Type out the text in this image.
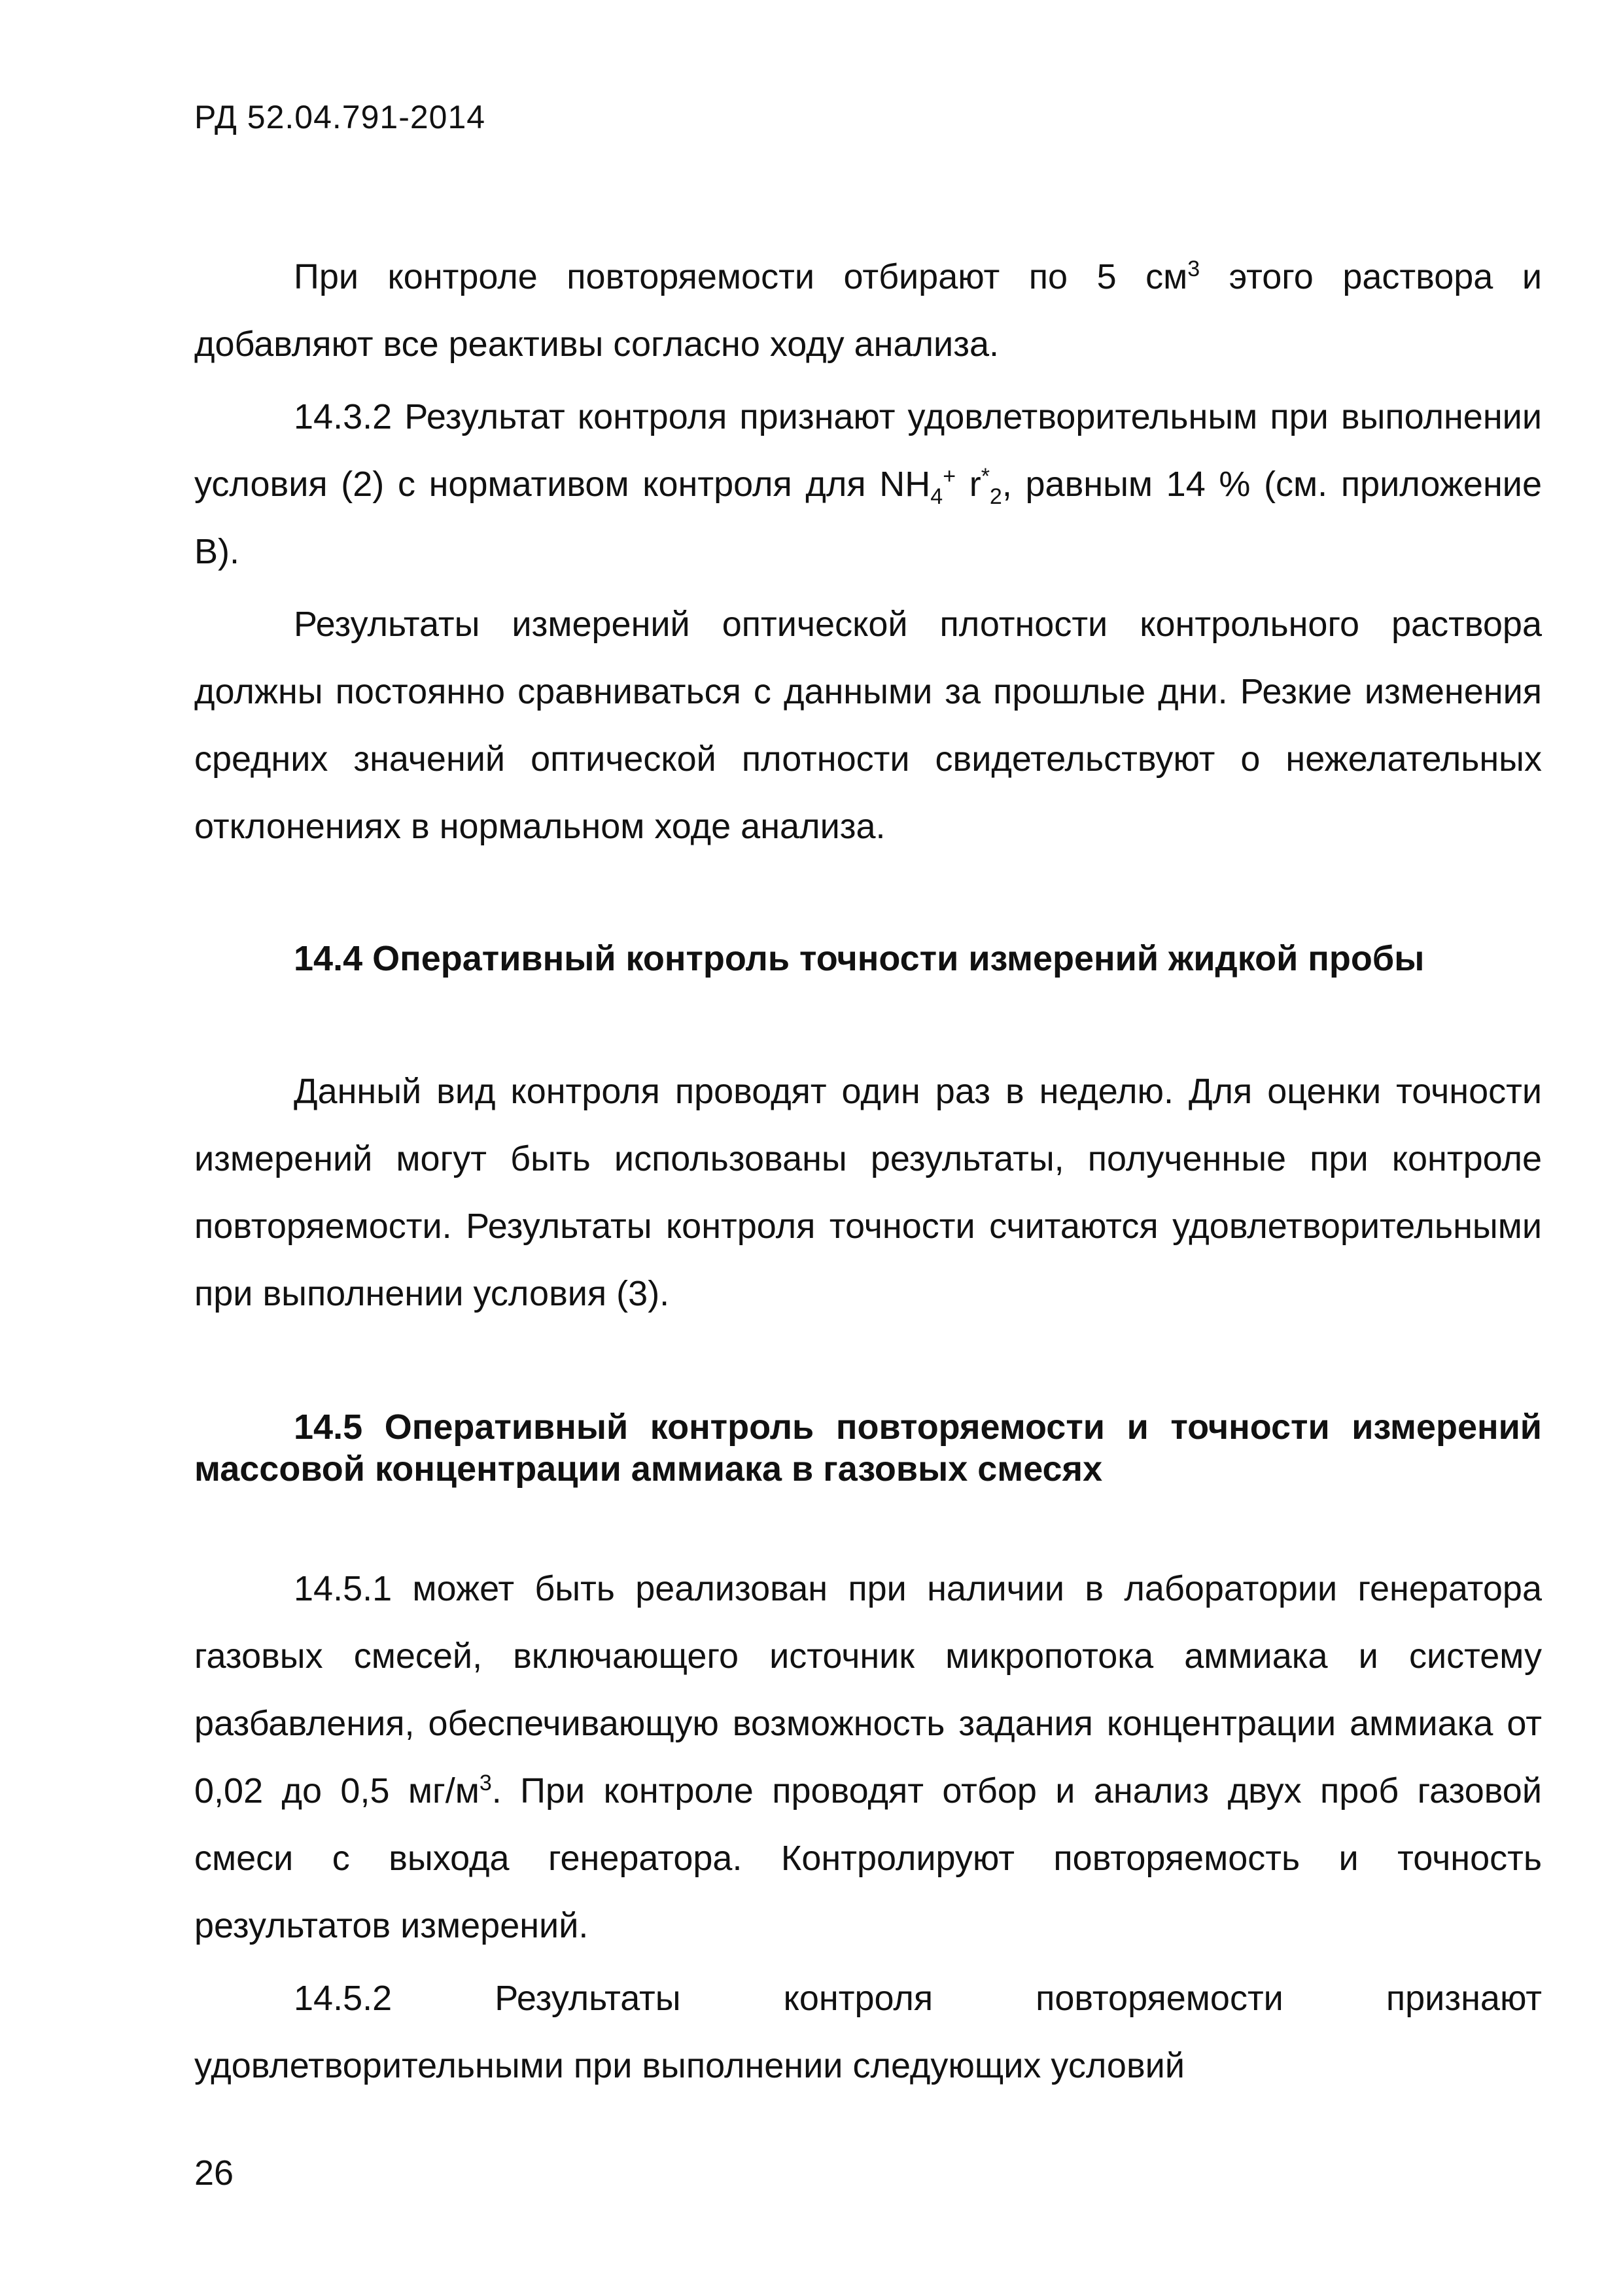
РД 52.04.791-2014

При контроле повторяемости отбирают по 5 $см^3$ этого раствора и добавляют все реактивы согласно ходу анализа.

14.3.2 Результат контроля признают удовлетворительным при выполнении условия (2) с нормативом контроля для $NH_4^+$ $r^*_2$, равным 14 % (см. приложение В).

Результаты измерений оптической плотности контрольного раствора должны постоянно сравниваться с данными за прошлые дни. Резкие изменения средних значений оптической плотности свидетельствуют о нежелательных отклонениях в нормальном ходе анализа.

14.4 Оперативный контроль точности измерений жидкой пробы

Данный вид контроля проводят один раз в неделю. Для оценки точности измерений могут быть использованы результаты, полученные при контроле повторяемости. Результаты контроля точности считаются удовлетворительными при выполнении условия (3).

14.5 Оперативный контроль повторяемости и точности измерений массовой концентрации аммиака в газовых смесях

14.5.1 может быть реализован при наличии в лаборатории генератора газовых смесей, включающего источник микропотока аммиака и систему разбавления, обеспечивающую возможность задания концентрации аммиака от 0,02 до 0,5 $мг/м^3$. При контроле проводят отбор и анализ двух проб газовой смеси с выхода генератора. Контролируют повторяемость и точность результатов измерений.

14.5.2 Результаты контроля повторяемости признают удовлетворительными при выполнении следующих условий

26
